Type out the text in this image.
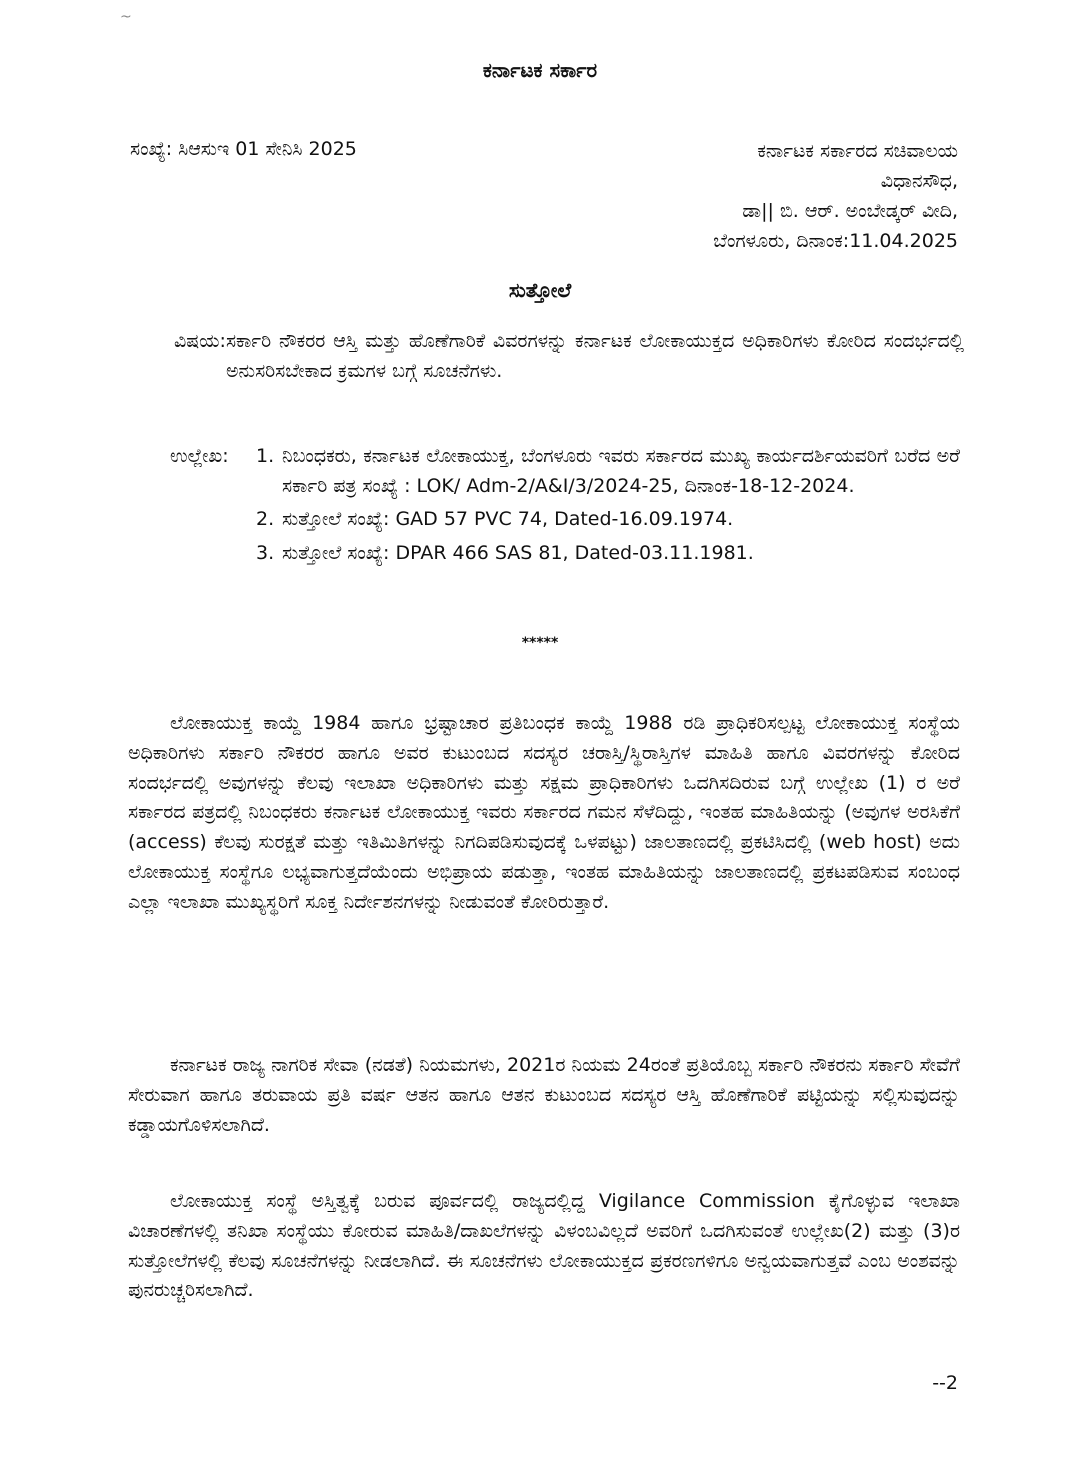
~
ಕರ್ನಾಟಕ ಸರ್ಕಾರ
ಸಂಖ್ಯೆ: ಸಿಆಸುಇ 01 ಸೇನಿಸಿ 2025	ಕರ್ನಾಟಕ ಸರ್ಕಾರದ ಸಚಿವಾಲಯ
ವಿಧಾನಸೌಧ,
ಡಾ|| ಬಿ. ಆರ್. ಅಂಬೇಡ್ಕರ್ ವೀದಿ,
ಬೆಂಗಳೂರು, ದಿನಾಂಕ:11.04.2025
ಸುತ್ತೋಲೆ
ವಿಷಯ: ಸರ್ಕಾರಿ ನೌಕರರ ಆಸ್ತಿ ಮತ್ತು ಹೊಣೆಗಾರಿಕೆ ವಿವರಗಳನ್ನು ಕರ್ನಾಟಕ ಲೋಕಾಯುಕ್ತದ ಅಧಿಕಾರಿಗಳು ಕೋರಿದ ಸಂದರ್ಭದಲ್ಲಿ ಅನುಸರಿಸಬೇಕಾದ ಕ್ರಮಗಳ ಬಗ್ಗೆ ಸೂಚನೆಗಳು.
ಉಲ್ಲೇಖ:	1. ನಿಬಂಧಕರು, ಕರ್ನಾಟಕ ಲೋಕಾಯುಕ್ತ, ಬೆಂಗಳೂರು ಇವರು ಸರ್ಕಾರದ ಮುಖ್ಯ ಕಾರ್ಯದರ್ಶಿಯವರಿಗೆ ಬರೆದ ಅರೆ ಸರ್ಕಾರಿ ಪತ್ರ ಸಂಖ್ಯೆ : LOK/ Adm-2/A&I/3/2024-25, ದಿನಾಂಕ-18-12-2024.
2. ಸುತ್ತೋಲೆ ಸಂಖ್ಯೆ: GAD 57 PVC 74, Dated-16.09.1974.
3. ಸುತ್ತೋಲೆ ಸಂಖ್ಯೆ: DPAR 466 SAS 81, Dated-03.11.1981.
*****

ಲೋಕಾಯುಕ್ತ ಕಾಯ್ದೆ 1984 ಹಾಗೂ ಭ್ರಷ್ಟಾಚಾರ ಪ್ರತಿಬಂಧಕ ಕಾಯ್ದೆ 1988 ರಡಿ ಪ್ರಾಧಿಕರಿಸಲ್ಪಟ್ಟ ಲೋಕಾಯುಕ್ತ ಸಂಸ್ಥೆಯ ಅಧಿಕಾರಿಗಳು ಸರ್ಕಾರಿ ನೌಕರರ ಹಾಗೂ ಅವರ ಕುಟುಂಬದ ಸದಸ್ಯರ ಚರಾಸ್ತಿ/ಸ್ಥಿರಾಸ್ತಿಗಳ ಮಾಹಿತಿ ಹಾಗೂ ವಿವರಗಳನ್ನು ಕೋರಿದ ಸಂದರ್ಭದಲ್ಲಿ ಅವುಗಳನ್ನು ಕೆಲವು ಇಲಾಖಾ ಅಧಿಕಾರಿಗಳು ಮತ್ತು ಸಕ್ಷಮ ಪ್ರಾಧಿಕಾರಿಗಳು ಒದಗಿಸದಿರುವ ಬಗ್ಗೆ ಉಲ್ಲೇಖ (1) ರ ಅರೆ ಸರ್ಕಾರದ ಪತ್ರದಲ್ಲಿ ನಿಬಂಧಕರು ಕರ್ನಾಟಕ ಲೋಕಾಯುಕ್ತ ಇವರು ಸರ್ಕಾರದ ಗಮನ ಸೆಳೆದಿದ್ದು, ಇಂತಹ ಮಾಹಿತಿಯನ್ನು (ಅವುಗಳ ಅರಸಿಕೆಗೆ (access) ಕೆಲವು ಸುರಕ್ಷತೆ ಮತ್ತು ಇತಿಮಿತಿಗಳನ್ನು ನಿಗದಿಪಡಿಸುವುದಕ್ಕೆ ಒಳಪಟ್ಟು) ಜಾಲತಾಣದಲ್ಲಿ ಪ್ರಕಟಿಸಿದಲ್ಲಿ (web host) ಅದು ಲೋಕಾಯುಕ್ತ ಸಂಸ್ಥೆಗೂ ಲಭ್ಯವಾಗುತ್ತದೆಯೆಂದು ಅಭಿಪ್ರಾಯ ಪಡುತ್ತಾ, ಇಂತಹ ಮಾಹಿತಿಯನ್ನು ಜಾಲತಾಣದಲ್ಲಿ ಪ್ರಕಟಪಡಿಸುವ ಸಂಬಂಧ ಎಲ್ಲಾ ಇಲಾಖಾ ಮುಖ್ಯಸ್ಥರಿಗೆ ಸೂಕ್ತ ನಿರ್ದೇಶನಗಳನ್ನು ನೀಡುವಂತೆ ಕೋರಿರುತ್ತಾರೆ.

ಕರ್ನಾಟಕ ರಾಜ್ಯ ನಾಗರಿಕ ಸೇವಾ (ನಡತೆ) ನಿಯಮಗಳು, 2021ರ ನಿಯಮ 24ರಂತೆ ಪ್ರತಿಯೊಬ್ಬ ಸರ್ಕಾರಿ ನೌಕರನು ಸರ್ಕಾರಿ ಸೇವೆಗೆ ಸೇರುವಾಗ ಹಾಗೂ ತರುವಾಯ ಪ್ರತಿ ವರ್ಷ ಆತನ ಹಾಗೂ ಆತನ ಕುಟುಂಬದ ಸದಸ್ಯರ ಆಸ್ತಿ ಹೊಣೆಗಾರಿಕೆ ಪಟ್ಟಿಯನ್ನು ಸಲ್ಲಿಸುವುದನ್ನು ಕಡ್ಡಾಯಗೊಳಿಸಲಾಗಿದೆ.

ಲೋಕಾಯುಕ್ತ ಸಂಸ್ಥೆ ಅಸ್ತಿತ್ವಕ್ಕೆ ಬರುವ ಪೂರ್ವದಲ್ಲಿ ರಾಜ್ಯದಲ್ಲಿದ್ದ Vigilance Commission ಕೈಗೊಳ್ಳುವ ಇಲಾಖಾ ವಿಚಾರಣೆಗಳಲ್ಲಿ ತನಿಖಾ ಸಂಸ್ಥೆಯು ಕೋರುವ ಮಾಹಿತಿ/ದಾಖಲೆಗಳನ್ನು ವಿಳಂಬವಿಲ್ಲದೆ ಅವರಿಗೆ ಒದಗಿಸುವಂತೆ ಉಲ್ಲೇಖ(2) ಮತ್ತು (3)ರ ಸುತ್ತೋಲೆಗಳಲ್ಲಿ ಕೆಲವು ಸೂಚನೆಗಳನ್ನು ನೀಡಲಾಗಿದೆ. ಈ ಸೂಚನೆಗಳು ಲೋಕಾಯುಕ್ತದ ಪ್ರಕರಣಗಳಿಗೂ ಅನ್ವಯವಾಗುತ್ತವೆ ಎಂಬ ಅಂಶವನ್ನು ಪುನರುಚ್ಚರಿಸಲಾಗಿದೆ.

--2
